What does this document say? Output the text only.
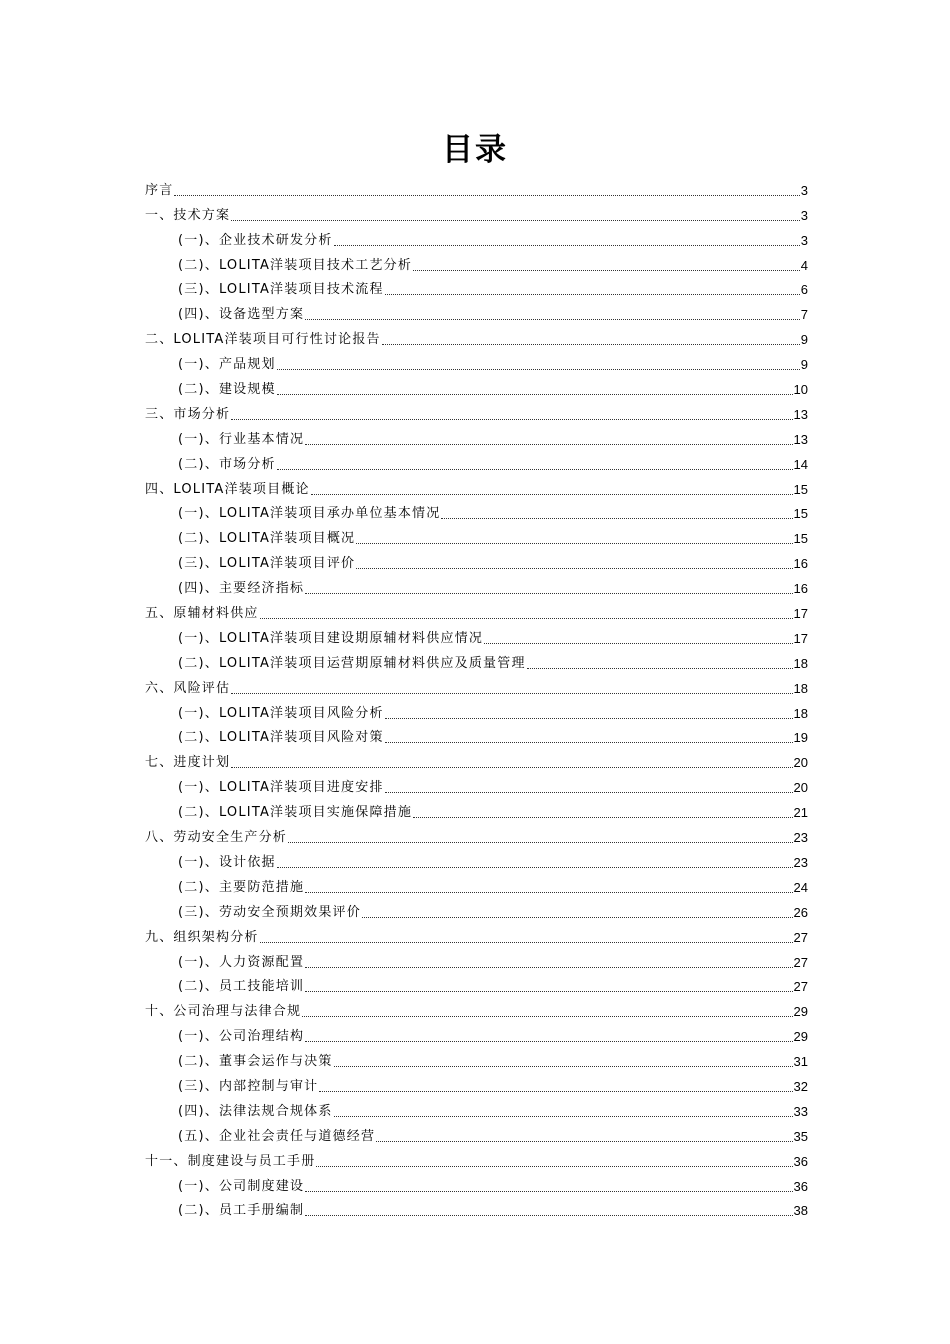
目录
序言	3
一、技术方案	3
(一)、企业技术研发分析	3
(二)、LOLITA洋装项目技术工艺分析	4
(三)、LOLITA洋装项目技术流程	6
(四)、设备选型方案	7
二、LOLITA洋装项目可行性讨论报告	9
(一)、产品规划	9
(二)、建设规模	10
三、市场分析	13
(一)、行业基本情况	13
(二)、市场分析	14
四、LOLITA洋装项目概论	15
(一)、LOLITA洋装项目承办单位基本情况	15
(二)、LOLITA洋装项目概况	15
(三)、LOLITA洋装项目评价	16
(四)、主要经济指标	16
五、原辅材料供应	17
(一)、LOLITA洋装项目建设期原辅材料供应情况	17
(二)、LOLITA洋装项目运营期原辅材料供应及质量管理	18
六、风险评估	18
(一)、LOLITA洋装项目风险分析	18
(二)、LOLITA洋装项目风险对策	19
七、进度计划	20
(一)、LOLITA洋装项目进度安排	20
(二)、LOLITA洋装项目实施保障措施	21
八、劳动安全生产分析	23
(一)、设计依据	23
(二)、主要防范措施	24
(三)、劳动安全预期效果评价	26
九、组织架构分析	27
(一)、人力资源配置	27
(二)、员工技能培训	27
十、公司治理与法律合规	29
(一)、公司治理结构	29
(二)、董事会运作与决策	31
(三)、内部控制与审计	32
(四)、法律法规合规体系	33
(五)、企业社会责任与道德经营	35
十一、制度建设与员工手册	36
(一)、公司制度建设	36
(二)、员工手册编制	38
